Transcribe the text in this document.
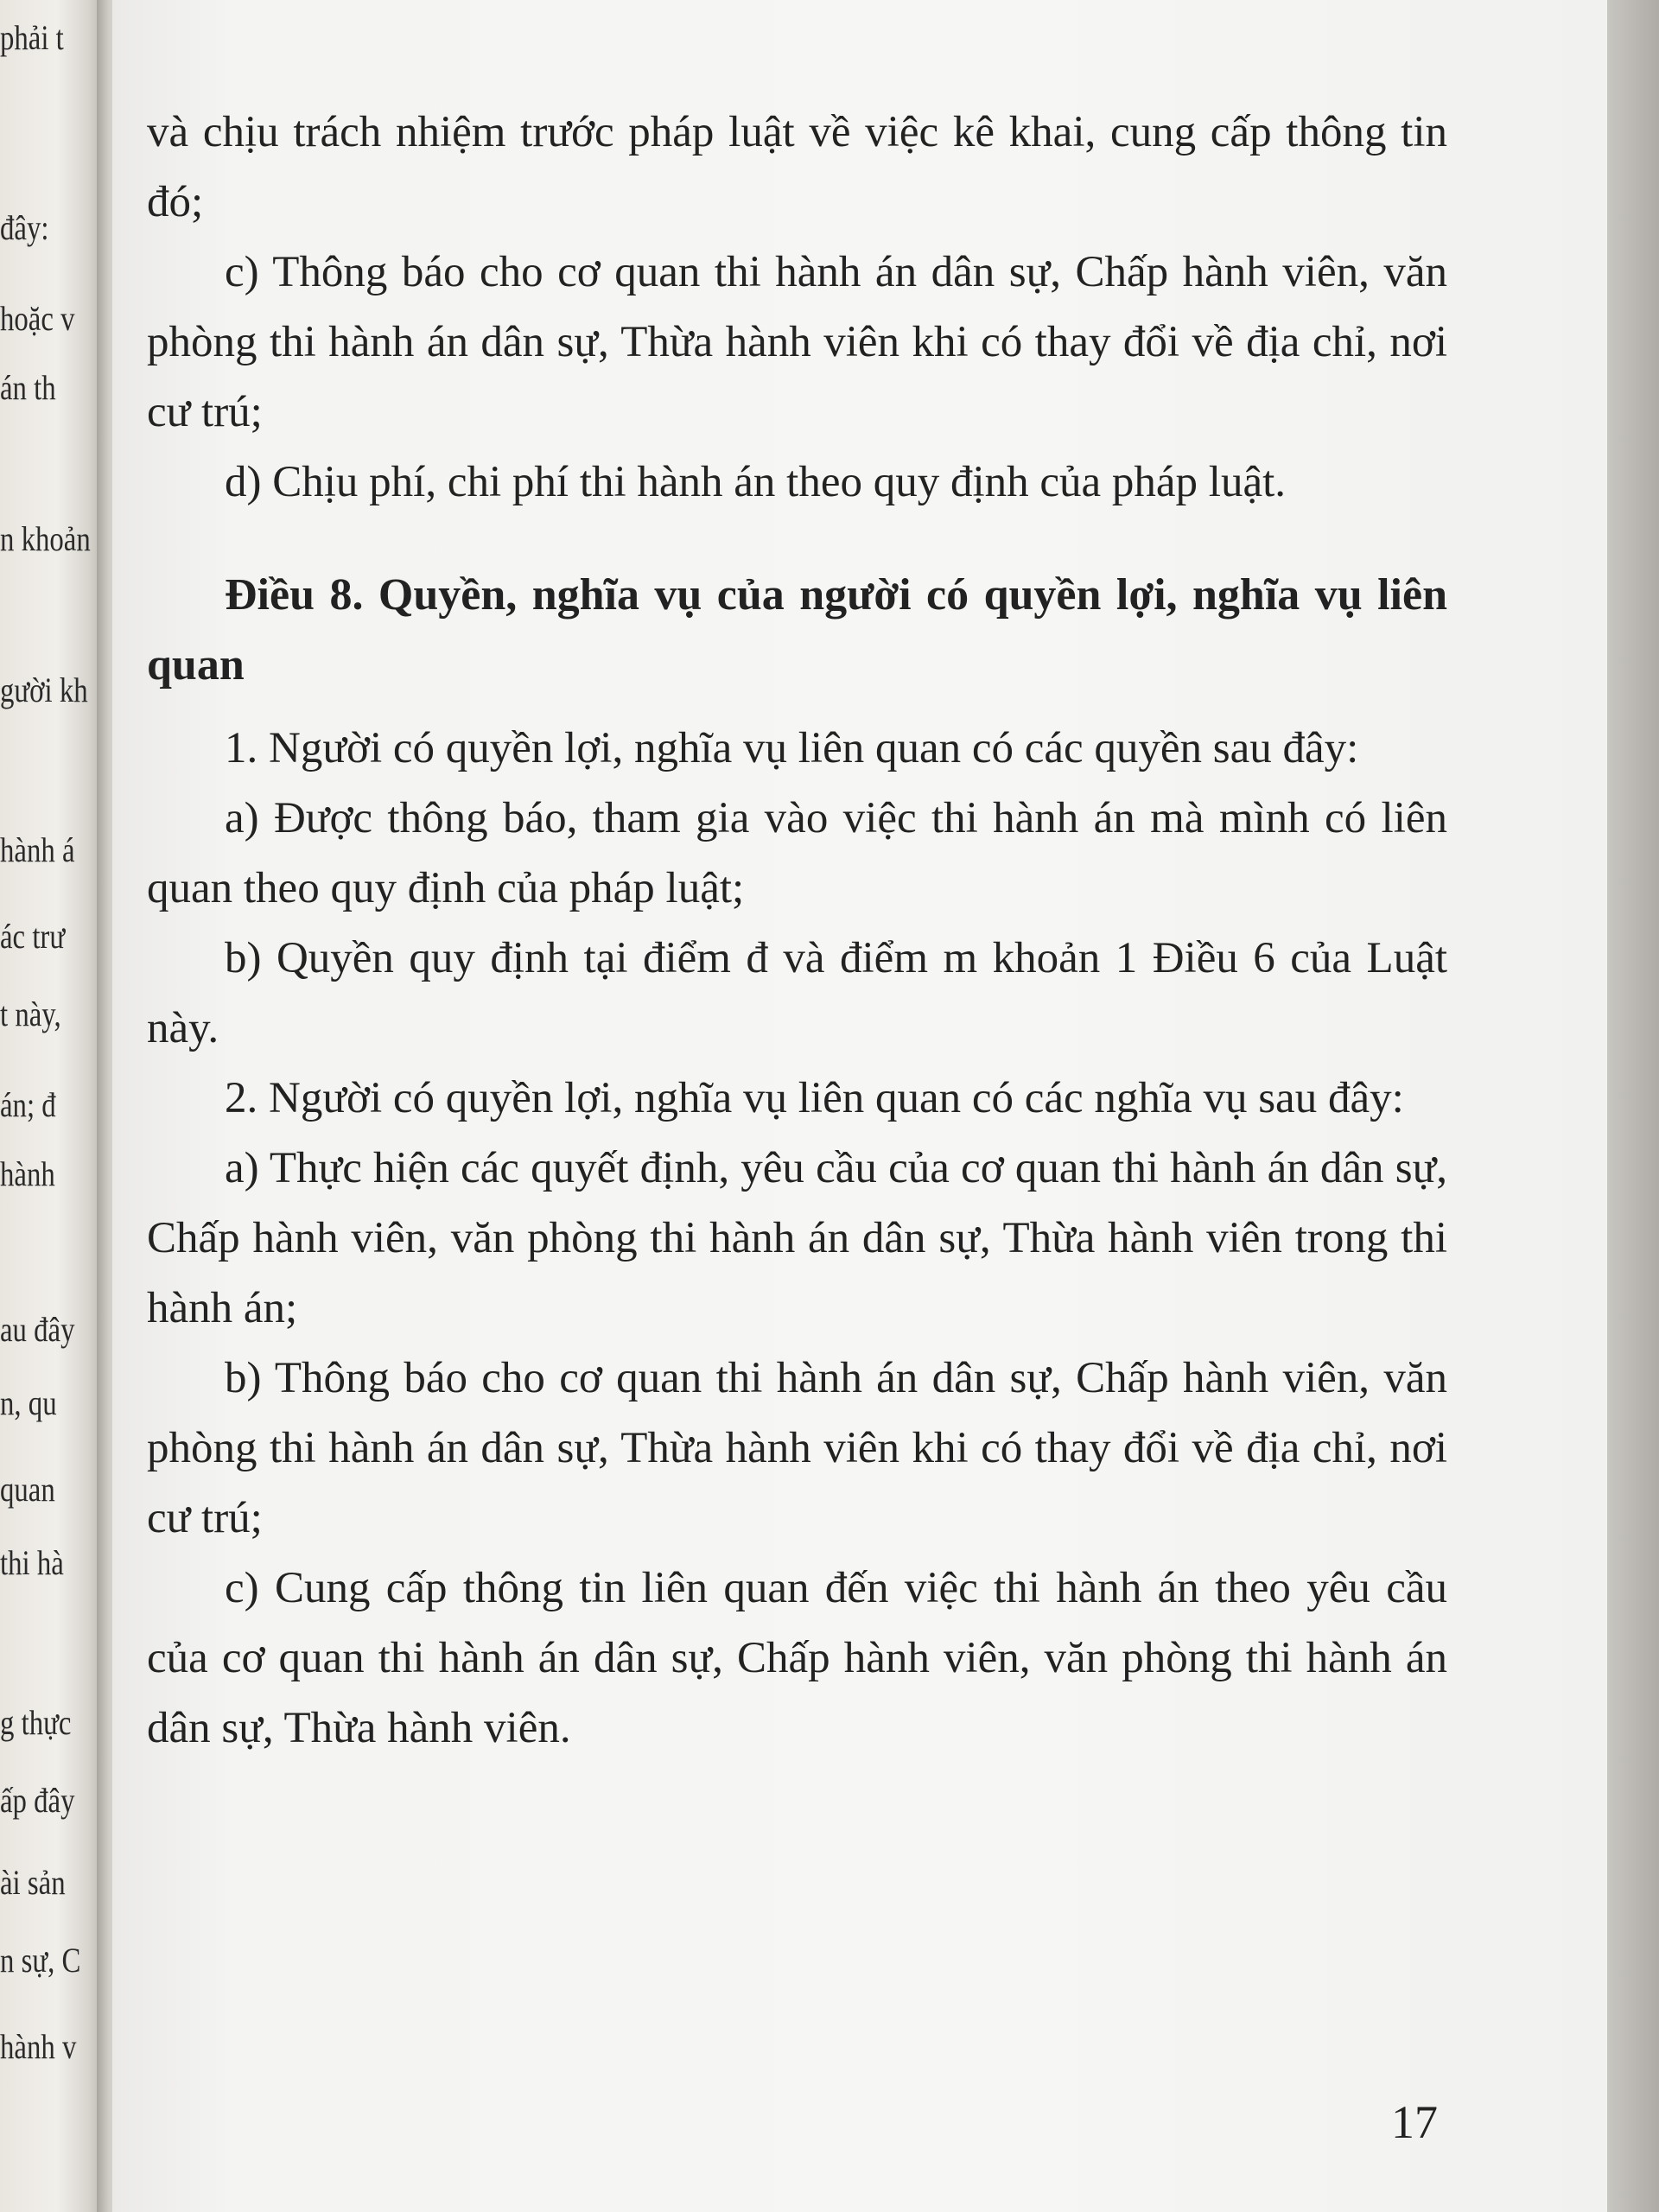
phải t
đây:
hoặc v
án th
n khoản
gười kh
hành á
ác trư
t này,
án; đ
hành
au đây
n, qu
quan
thi hà
g thực
ấp đây
ài sản
n sự, C
hành v

và chịu trách nhiệm trước pháp luật về việc kê khai, cung cấp thông tin đó;

c) Thông báo cho cơ quan thi hành án dân sự, Chấp hành viên, văn phòng thi hành án dân sự, Thừa hành viên khi có thay đổi về địa chỉ, nơi cư trú;

d) Chịu phí, chi phí thi hành án theo quy định của pháp luật.

Điều 8. Quyền, nghĩa vụ của người có quyền lợi, nghĩa vụ liên quan

1. Người có quyền lợi, nghĩa vụ liên quan có các quyền sau đây:

a) Được thông báo, tham gia vào việc thi hành án mà mình có liên quan theo quy định của pháp luật;

b) Quyền quy định tại điểm đ và điểm m khoản 1 Điều 6 của Luật này.

2. Người có quyền lợi, nghĩa vụ liên quan có các nghĩa vụ sau đây:

a) Thực hiện các quyết định, yêu cầu của cơ quan thi hành án dân sự, Chấp hành viên, văn phòng thi hành án dân sự, Thừa hành viên trong thi hành án;

b) Thông báo cho cơ quan thi hành án dân sự, Chấp hành viên, văn phòng thi hành án dân sự, Thừa hành viên khi có thay đổi về địa chỉ, nơi cư trú;

c) Cung cấp thông tin liên quan đến việc thi hành án theo yêu cầu của cơ quan thi hành án dân sự, Chấp hành viên, văn phòng thi hành án dân sự, Thừa hành viên.

17
